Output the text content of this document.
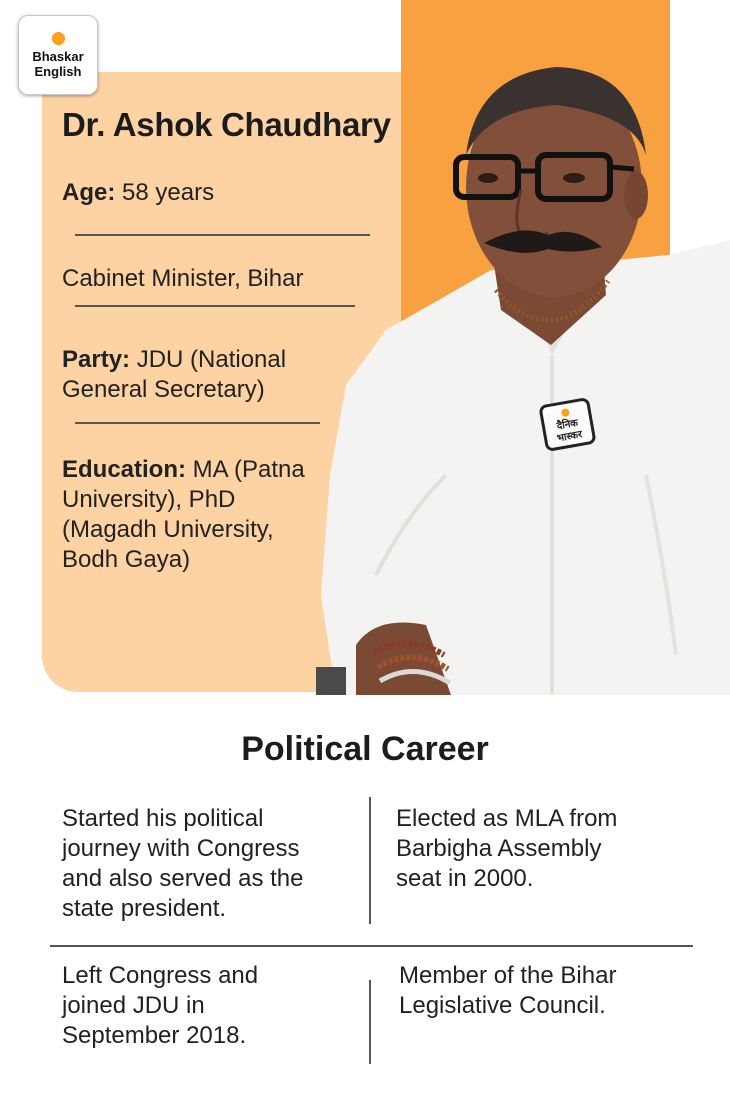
Bhaskar English
दैनिक
भास्कर
Dr. Ashok Chaudhary
Age: 58 years
Cabinet Minister, Bihar
Party: JDU (National
General Secretary)
Education: MA (Patna
University), PhD
(Magadh University,
Bodh Gaya)
Political Career
Started his political
journey with Congress
and also served as the
state president.
Elected as MLA from
Barbigha Assembly
seat in 2000.
Left Congress and
joined JDU in
September 2018.
Member of the Bihar
Legislative Council.
